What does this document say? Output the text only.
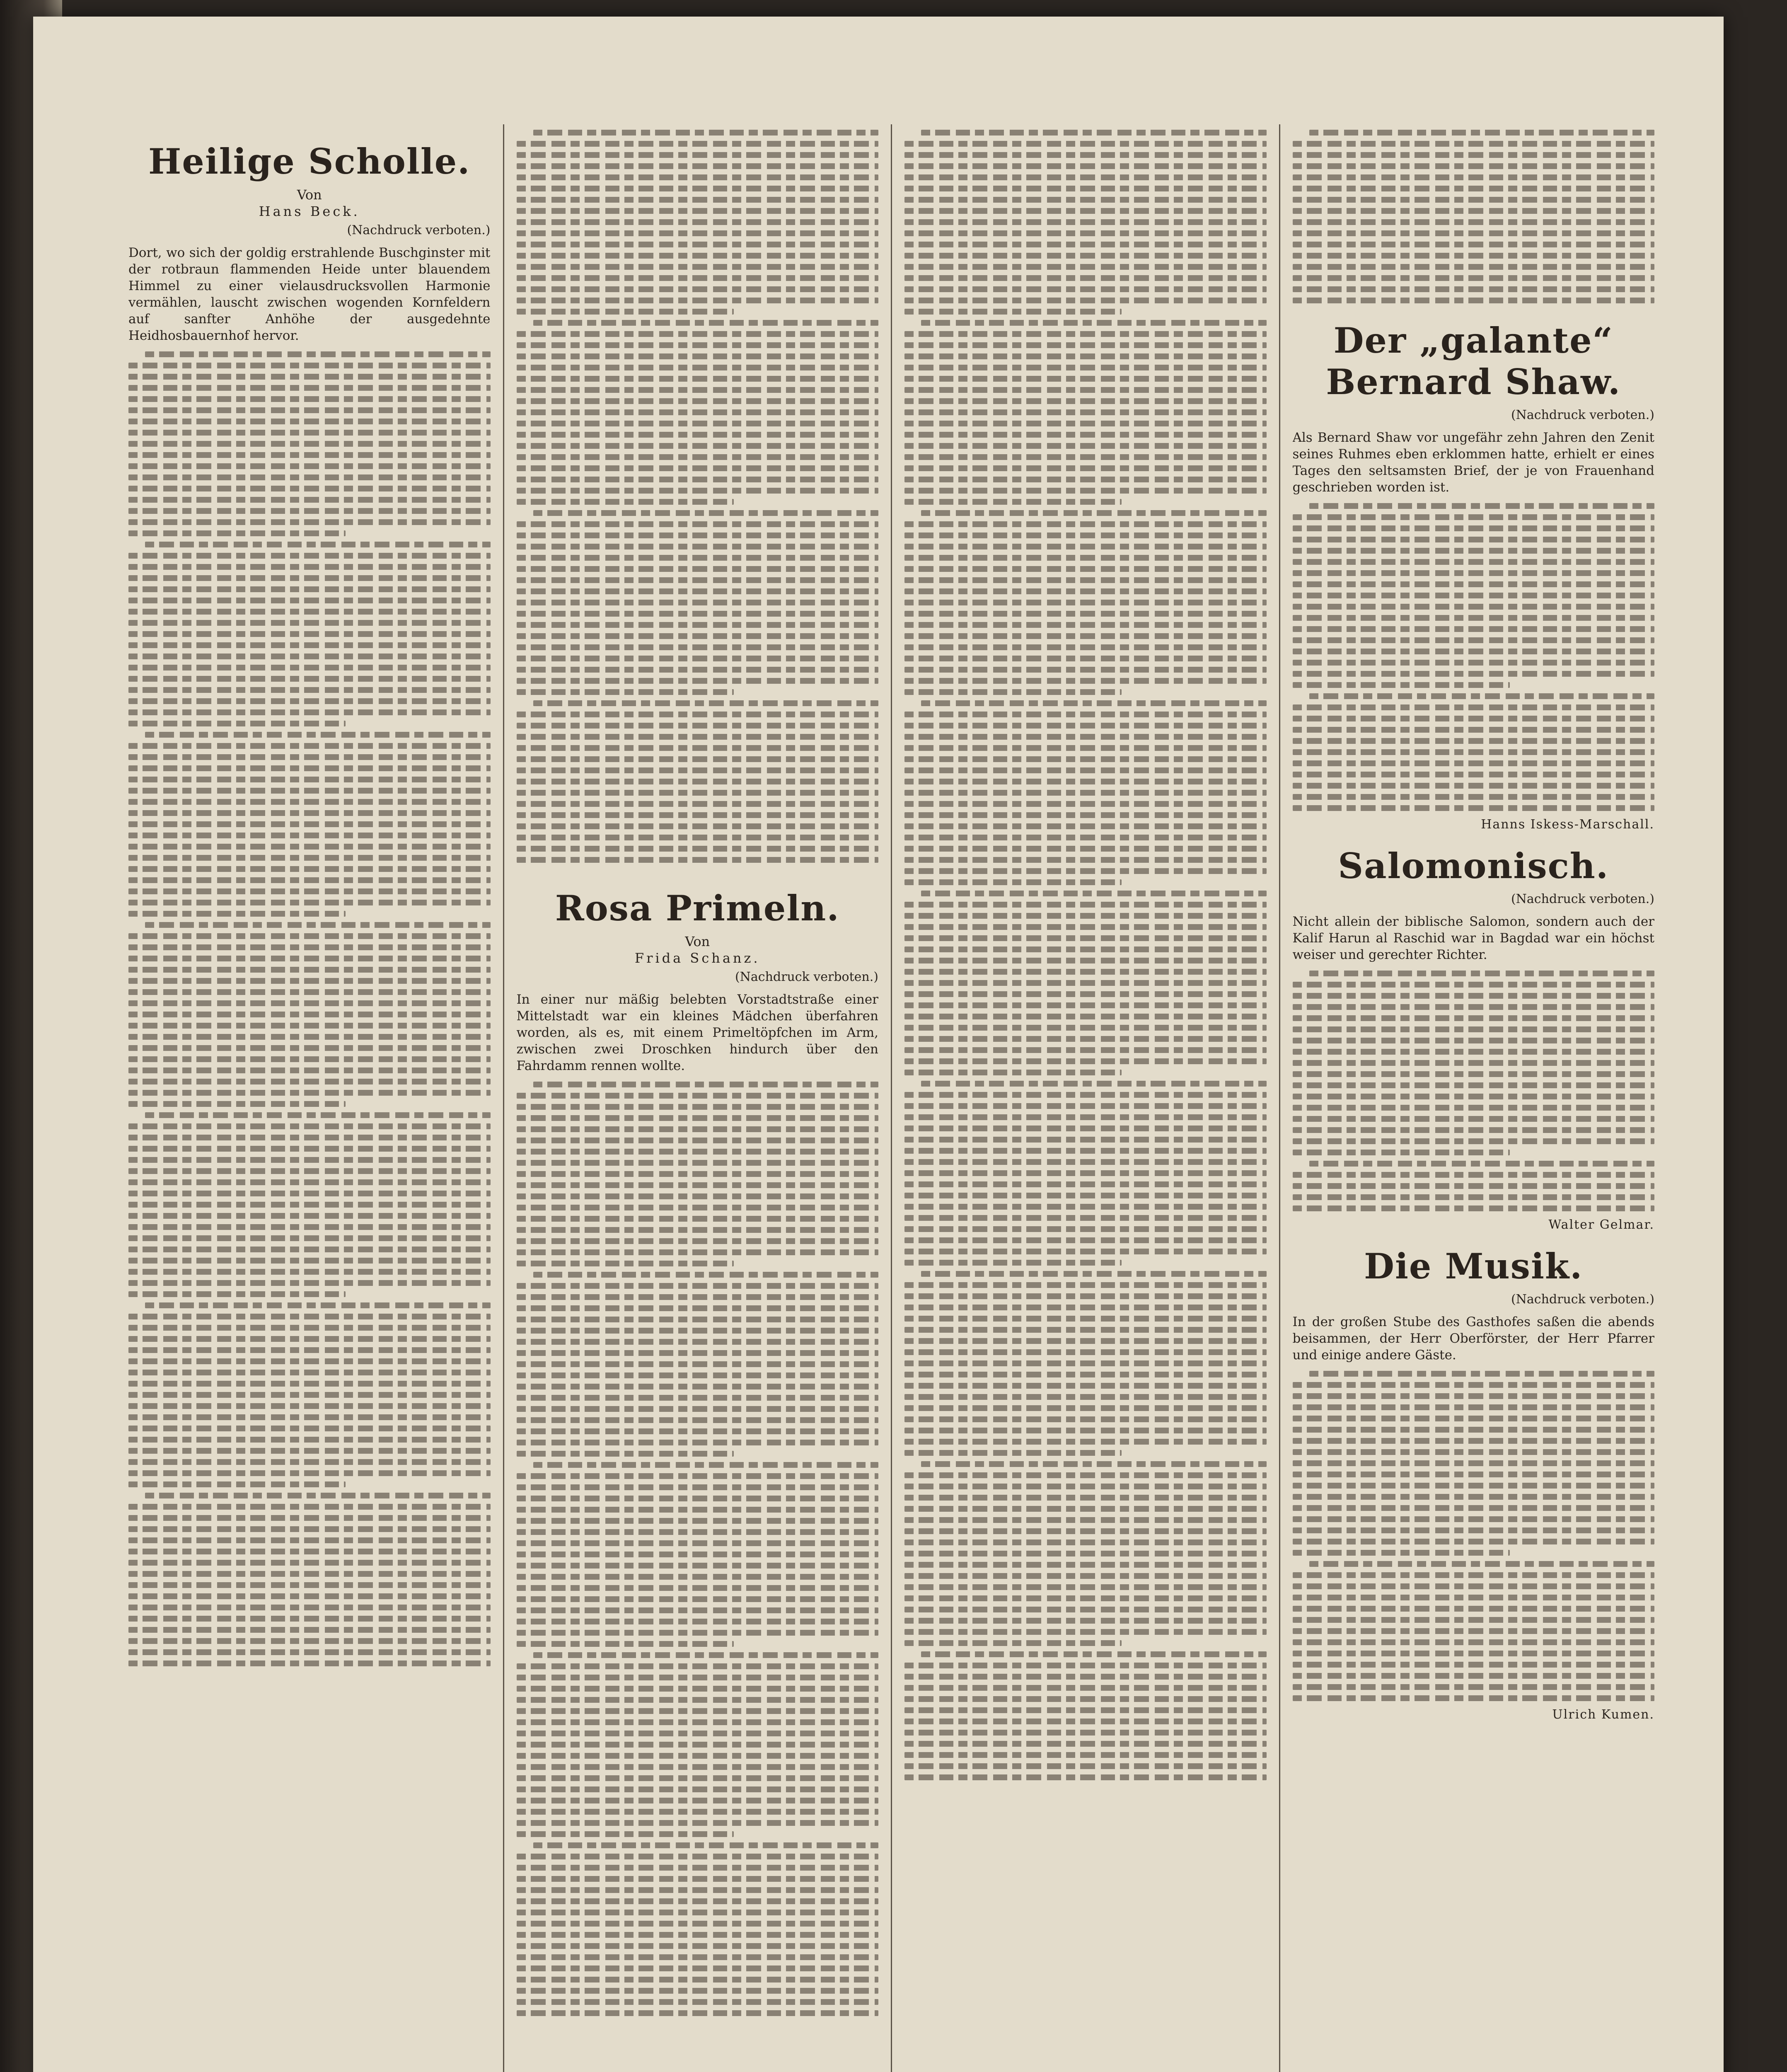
Heilige Scholle.
Von
Hans Beck.
(Nachdruck verboten.)
Dort, wo sich der goldig erstrahlende Buschginster mit der rotbraun flammenden Heide unter blauendem Himmel zu einer vielausdrucksvollen Harmonie vermählen, lauscht zwischen wogenden Kornfeldern auf sanfter Anhöhe der ausgedehnte Heidhosbauernhof hervor.
Rosa Primeln.
Von
Frida Schanz.
(Nachdruck verboten.)
In einer nur mäßig belebten Vorstadtstraße einer Mittelstadt war ein kleines Mädchen überfahren worden, als es, mit einem Primeltöpfchen im Arm, zwischen zwei Droschken hindurch über den Fahrdamm rennen wollte.
Der „galante“ Bernard Shaw.
(Nachdruck verboten.)
Als Bernard Shaw vor ungefähr zehn Jahren den Zenit seines Ruhmes eben erklommen hatte, erhielt er eines Tages den seltsamsten Brief, der je von Frauenhand geschrieben worden ist.
Hanns Iskess-Marschall.
Salomonisch.
(Nachdruck verboten.)
Nicht allein der biblische Salomon, sondern auch der Kalif Harun al Raschid war in Bagdad war ein höchst weiser und gerechter Richter.
Walter Gelmar.
Die Musik.
(Nachdruck verboten.)
In der großen Stube des Gasthofes saßen die abends beisammen, der Herr Oberförster, der Herr Pfarrer und einige andere Gäste.
Ulrich Kumen.
